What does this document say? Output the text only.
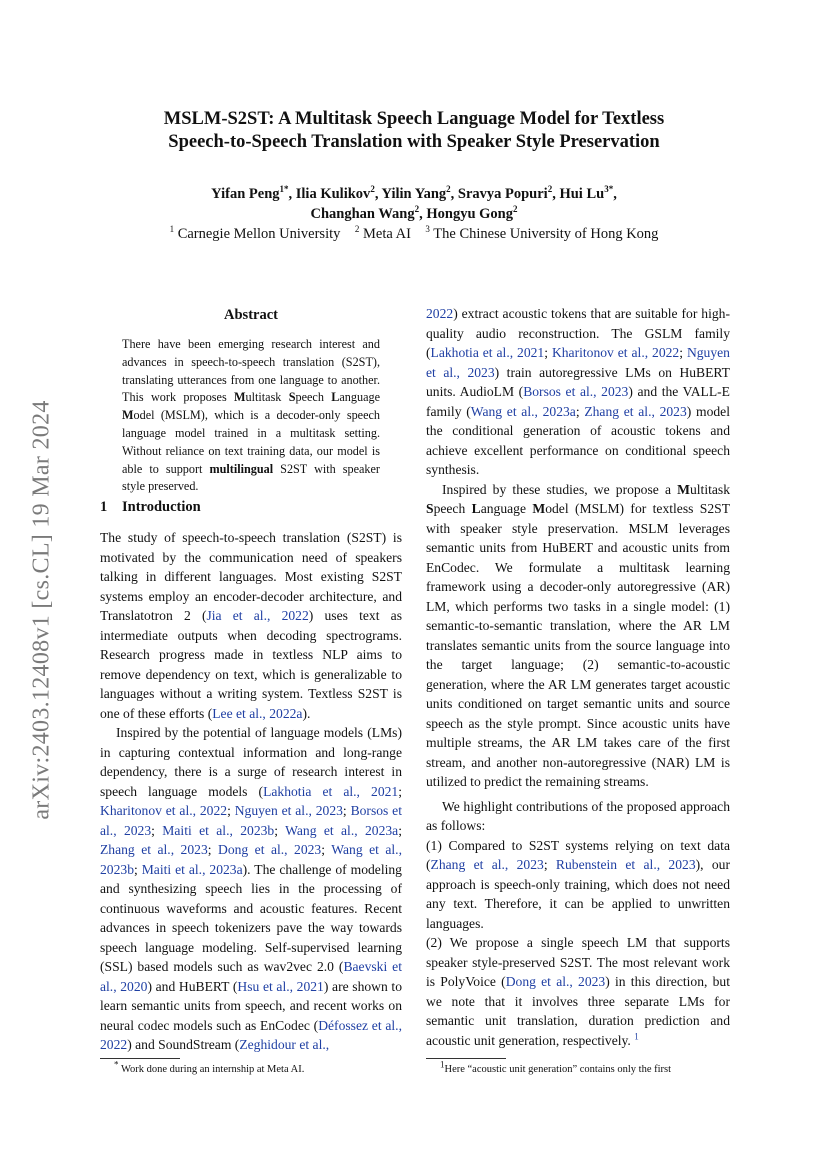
arXiv:2403.12408v1 [cs.CL] 19 Mar 2024
MSLM-S2ST: A Multitask Speech Language Model for Textless
Speech-to-Speech Translation with Speaker Style Preservation
Yifan Peng$^{1*}$, Ilia Kulikov$^2$, Yilin Yang$^2$, Sravya Popuri$^2$, Hui $Lu^{3*}$,
Changhan Wang$^2$, Hongyu Gong$^2$
$^1$ Carnegie Mellon University $^2$ Meta AI $^3$ The Chinese University of Hong Kong
Abstract
There have been emerging research interest and advances in speech-to-speech translation (S2ST), translating utterances from one language to another. This work proposes Multitask Speech Language Model (MSLM), which is a decoder-only speech language model trained in a multitask setting. Without reliance on text training data, our model is able to support multilingual S2ST with speaker style preserved.
1 Introduction

The study of speech-to-speech translation (S2ST) is motivated by the communication need of speakers talking in different languages. Most existing S2ST systems employ an encoder-decoder architecture, and Translatotron 2 (Jia et al., 2022) uses text as intermediate outputs when decoding spectrograms. Research progress made in textless NLP aims to remove dependency on text, which is generalizable to languages without a writing system. Textless S2ST is one of these efforts (Lee et al., 2022a).

Inspired by the potential of language models (LMs) in capturing contextual information and long-range dependency, there is a surge of research interest in speech language models (Lakhotia et al., 2021; Kharitonov et al., 2022; Nguyen et al., 2023; Borsos et al., 2023; Maiti et al., 2023b; Wang et al., 2023a; Zhang et al., 2023; Dong et al., 2023; Wang et al., 2023b; Maiti et al., 2023a). The challenge of modeling and synthesizing speech lies in the processing of continuous waveforms and acoustic features. Recent advances in speech tokenizers pave the way towards speech language modeling. Self-supervised learning (SSL) based models such as wav2vec 2.0 (Baevski et al., 2020) and HuBERT (Hsu et al., 2021) are shown to learn semantic units from speech, and recent works on neural codec models such as EnCodec (Défossez et al., 2022) and SoundStream (Zeghidour et al.,

2022) extract acoustic tokens that are suitable for high-quality audio reconstruction. The GSLM family (Lakhotia et al., 2021; Kharitonov et al., 2022; Nguyen et al., 2023) train autoregressive LMs on HuBERT units. AudioLM (Borsos et al., 2023) and the VALL-E family (Wang et al., 2023a; Zhang et al., 2023) model the conditional generation of acoustic tokens and achieve excellent performance on conditional speech synthesis.

Inspired by these studies, we propose a Multitask Speech Language Model (MSLM) for textless S2ST with speaker style preservation. MSLM leverages semantic units from HuBERT and acoustic units from EnCodec. We formulate a multitask learning framework using a decoder-only autoregressive (AR) LM, which performs two tasks in a single model: (1) semantic-to-semantic translation, where the AR LM translates semantic units from the source language into the target language; (2) semantic-to-acoustic generation, where the AR LM generates target acoustic units conditioned on target semantic units and source speech as the style prompt. Since acoustic units have multiple streams, the AR LM takes care of the first stream, and another non-autoregressive (NAR) LM is utilized to predict the remaining streams.

We highlight contributions of the proposed approach as follows:

(1) Compared to S2ST systems relying on text data (Zhang et al., 2023; Rubenstein et al., 2023), our approach is speech-only training, which does not need any text. Therefore, it can be applied to unwritten languages.

(2) We propose a single speech LM that supports speaker style-preserved S2ST. The most relevant work is PolyVoice (Dong et al., 2023) in this direction, but we note that it involves three separate LMs for semantic unit translation, duration prediction and acoustic unit generation, respectively. $^1$

* Work done during an internship at Meta AI.	$^1$Here “acoustic unit generation” contains only the first
